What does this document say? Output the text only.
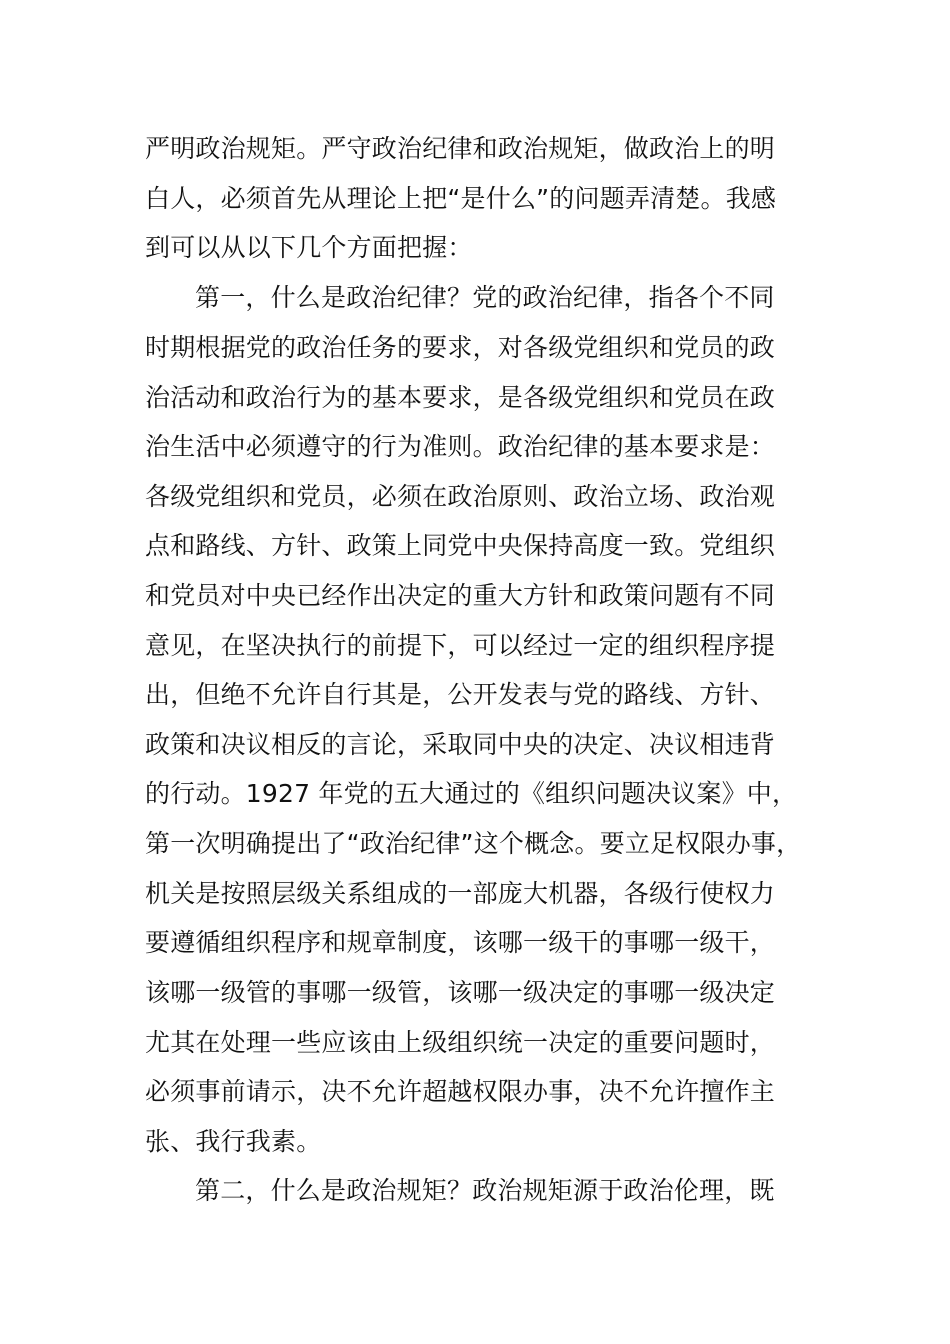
严明政治规矩。严守政治纪律和政治规矩，做政治上的明
白人，必须首先从理论上把“是什么”的问题弄清楚。我感
到可以从以下几个方面把握：
第一，什么是政治纪律？党的政治纪律，指各个不同
时期根据党的政治任务的要求，对各级党组织和党员的政
治活动和政治行为的基本要求，是各级党组织和党员在政
治生活中必须遵守的行为准则。政治纪律的基本要求是：
各级党组织和党员，必须在政治原则、政治立场、政治观
点和路线、方针、政策上同党中央保持高度一致。党组织
和党员对中央已经作出决定的重大方针和政策问题有不同
意见，在坚决执行的前提下，可以经过一定的组织程序提
出，但绝不允许自行其是，公开发表与党的路线、方针、
政策和决议相反的言论，采取同中央的决定、决议相违背
的行动。1927 年党的五大通过的《组织问题决议案》中，
第一次明确提出了“政治纪律”这个概念。要立足权限办事，
机关是按照层级关系组成的一部庞大机器，各级行使权力
要遵循组织程序和规章制度，该哪一级干的事哪一级干，
该哪一级管的事哪一级管，该哪一级决定的事哪一级决定
尤其在处理一些应该由上级组织统一决定的重要问题时，
必须事前请示，决不允许超越权限办事，决不允许擅作主
张、我行我素。
第二，什么是政治规矩？政治规矩源于政治伦理，既
